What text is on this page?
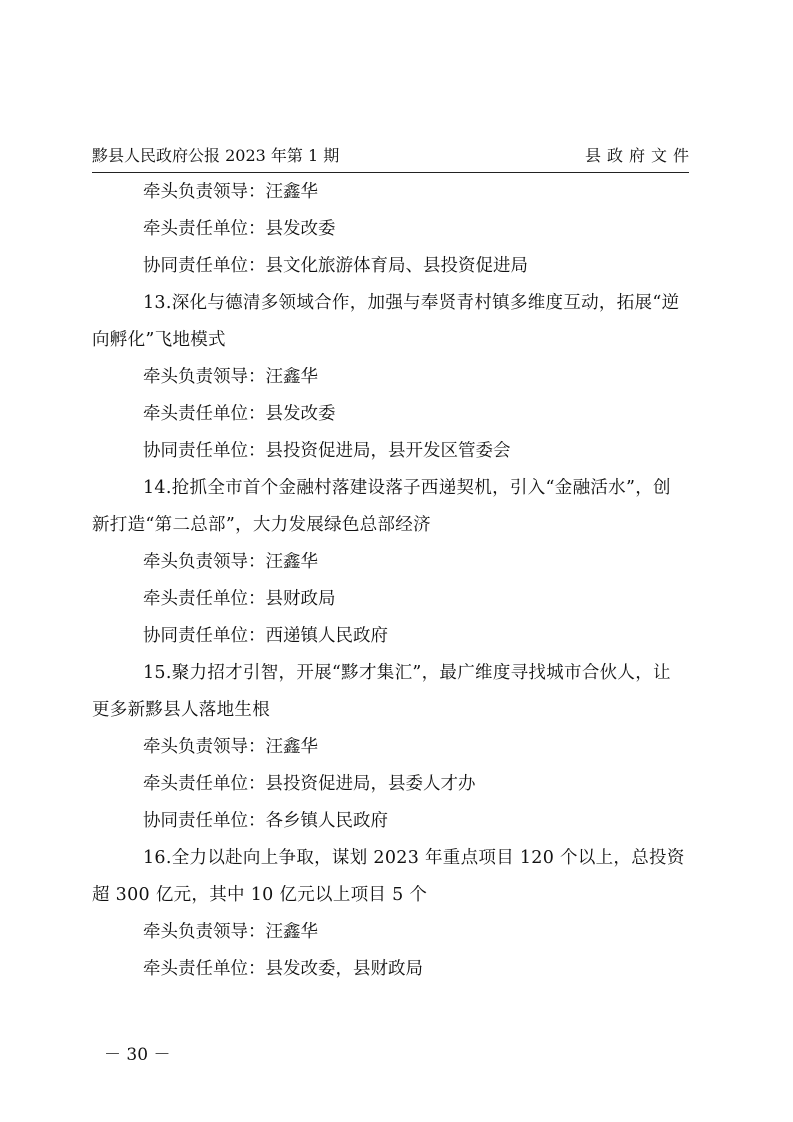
黟县人民政府公报 2023 年第 1 期	县政府文件
牵头负责领导：汪鑫华
牵头责任单位：县发改委
协同责任单位：县文化旅游体育局、县投资促进局
13.深化与德清多领域合作，加强与奉贤青村镇多维度互动，拓展“逆
向孵化”飞地模式
牵头负责领导：汪鑫华
牵头责任单位：县发改委
协同责任单位：县投资促进局，县开发区管委会
14.抢抓全市首个金融村落建设落子西递契机，引入“金融活水”，创
新打造“第二总部”，大力发展绿色总部经济
牵头负责领导：汪鑫华
牵头责任单位：县财政局
协同责任单位：西递镇人民政府
15.聚力招才引智，开展“黟才集汇”，最广维度寻找城市合伙人，让
更多新黟县人落地生根
牵头负责领导：汪鑫华
牵头责任单位：县投资促进局，县委人才办
协同责任单位：各乡镇人民政府
16.全力以赴向上争取，谋划 2023 年重点项目 120 个以上，总投资
超 300 亿元，其中 10 亿元以上项目 5 个
牵头负责领导：汪鑫华
牵头责任单位：县发改委，县财政局
－ 30 －
